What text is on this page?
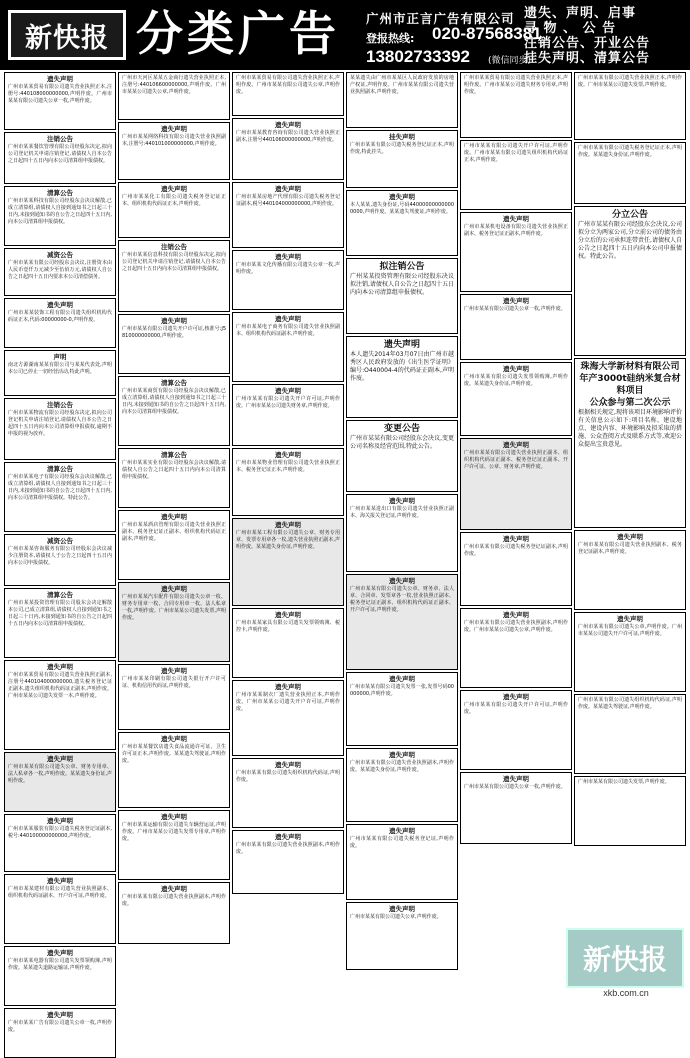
新快报 分类广告 广州市正言广告有限公司
登报热线: 020-87568381
13802733392 (微信同步)
遗失、声明、启事
寻 物 、 公 告
注销公告、开业公告
挂失声明、清算公告
遗失声明
广州市某某贸易有限公司遗失营业执照正本,注册号:440108000000000,声明作废。广州市某某有限公司遗失公章一枚,声明作废。
注销公告
广州市某某餐饮管理有限公司经股东决定,拟向公司登记机关申请注销登记,请债权人自本公告之日起四十五日内向本公司清算组申报债权。
清算公告
广州市某某科技有限公司经股东会决议解散,已成立清算组,请债权人自接到通知书之日起三十日内,未接到通知书的自公告之日起四十五日内,向本公司清算组申报债权。
减资公告
广州市某某有限公司经股东会决议,注册资本由人民币壹仟万元减少至伍佰万元,请债权人自公告之日起四十五日内要求本公司清偿债务。
遗失声明
广州市某某装饰工程有限公司遗失组织机构代码证正本,代码:00000000-0,声明作废。
声明
南北方源湖南某某有限公司与某某代表处,声明本公司已停止一切经营活动,特此声明。
注销公告
广州市某某物流有限公司经股东决定,拟向公司登记机关申请注销登记,请债权人自本公告之日起四十五日内向本公司清算组申报债权,逾期不申报的视为放弃。
清算公告
广州市某某电子有限公司经股东会决议解散,已成立清算组,请债权人自接到通知书之日起三十日内,未接到通知书的自公告之日起四十五日内,向本公司清算组申报债权。特此公告。
减资公告
广州市某某咨询服务有限公司经股东会决议减少注册资本,请债权人于公告之日起四十五日内向本公司申报债权。
清算公告
广州市某某投资管理有限公司股东会决定解散本公司,已成立清算组,请债权人自接到通知书之日起三十日内,未接到通知书的自公告之日起四十五日内向本公司清算组申报债权。
遗失声明
广州市某某贸易有限公司遗失营业执照正副本,注册号440104000000000,遗失税务登记证正副本,遗失组织机构代码证正副本,声明作废。广州市某某公司遗失发票一本,声明作废。
遗失声明
广州市某某有限公司遗失公章、财务专用章、法人私章各一枚,声明作废。某某遗失身份证,声明作废。
遗失声明
广州市某某服装有限公司遗失税务登记证副本,税号:440100000000000,声明作废。
遗失声明
广州市某某建材有限公司遗失营业执照副本、组织机构代码证副本、开户许可证,声明作废。
遗失声明
广州市某某电器有限公司遗失发票领购簿,声明作废。某某遗失道路运输证,声明作废。
遗失声明
广州市某某广告有限公司遗失公章一枚,声明作废。
广州市天河区某某五金商行遗失营业执照正本,注册号:440106600000000,声明作废。广州市某某公司遗失公章,声明作废。
遗失声明
广州市某某网络科技有限公司遗失营业执照副本,注册号:440101000000000,声明作废。
遗失声明
广州市某某化工有限公司遗失税务登记证正本、组织机构代码证正本,声明作废。
注销公告
广州市某某信息科技有限公司经股东决定,拟向公司登记机关申请注销登记,请债权人自本公告之日起四十五日内向本公司清算组申报债权。
遗失声明
广州市某某有限公司遗失开户许可证,核准号:J5810000000000,声明作废。
清算公告
广州市某某商贸有限公司经股东会决议解散,已成立清算组,请债权人自接到通知书之日起三十日内,未接到通知书的自公告之日起四十五日内,向本公司清算组申报债权。
清算公告
广州市某某实业有限公司经股东会决议解散,请债权人自公告之日起四十五日内向本公司清算组申报债权。
遗失声明
广州市某某酒店管理有限公司遗失营业执照正副本、税务登记证正副本、组织机构代码证正副本,声明作废。
遗失声明
广州市某某汽车配件有限公司遗失公章一枚、财务专用章一枚、合同专用章一枚、法人私章一枚,声明作废。广州市某某公司遗失发票,声明作废。
遗失声明
广州市某某印刷有限公司遗失银行开户许可证、机构信用代码证,声明作废。
遗失声明
广州市某某餐饮店遗失食品流通许可证、卫生许可证正本,声明作废。某某遗失驾驶证,声明作废。
遗失声明
广州市某某运输有限公司遗失车辆营运证,声明作废。广州市某某公司遗失发票专用章,声明作废。
遗失声明
广州市某某有限公司遗失营业执照副本,声明作废。
广州市某某贸易有限公司遗失营业执照正本,声明作废。广州市某某有限公司遗失公章,声明作废。
遗失声明
广州市某某教育咨询有限公司遗失营业执照正副本,注册号440106000000000,声明作废。
遗失声明
广州市某某房地产代理有限公司遗失税务登记证副本,税号440104000000000,声明作废。
遗失声明
广州市某某文化传播有限公司遗失公章一枚,声明作废。
遗失声明
广州市某某电子商务有限公司遗失营业执照副本、组织机构代码证副本,声明作废。
遗失声明
广州市某某有限公司遗失开户许可证,声明作废。广州市某某公司遗失财务章,声明作废。
遗失声明
广州市某某物业管理有限公司遗失营业执照正本、税务登记证正本,声明作废。
遗失声明
广州市某某工程有限公司遗失公章、财务专用章、发票专用章各一枚,遗失营业执照正副本,声明作废。某某遗失身份证,声明作废。
遗失声明
广州市某某家具有限公司遗失发票领购簿、税控卡,声明作废。
遗失声明
广州市某某制衣厂遗失营业执照正本,声明作废。广州市某某公司遗失开户许可证,声明作废。
遗失声明
广州市某某有限公司遗失组织机构代码证,声明作废。
遗失声明
广州市某某有限公司遗失营业执照副本,声明作废。
某某遗失由广州市某某区人民政府发放的房地产权证,声明作废。广州市某某有限公司遗失营业执照副本,声明作废。
挂失声明
广州市某某有限公司遗失税务登记证正本,声明作废,特此挂失。
遗失声明
本人某某,遗失身份证,号码440000000000000000,声明作废。某某遗失驾驶证,声明作废。
拟注销公告
广州某某投资管理有限公司经股东决议拟注销,请债权人自公告之日起四十五日内向本公司清算组申报债权。
遗失声明
本人遗失2014年03月07日由广州市越秀区人民政府发放的《出生医学证明》编号:O440004-4的代码证正副本,声明作废。
变更公告
广州市某某有限公司经股东会决议,变更公司名称及经营范围,特此公告。
遗失声明
广州市某某进出口有限公司遗失营业执照正副本、海关报关登记证,声明作废。
遗失声明
广州市某某有限公司遗失公章、财务章、法人章、合同章、发票章各一枚,营业执照正副本、税务登记证正副本、组织机构代码证正副本、开户许可证,声明作废。
遗失声明
广州市某某有限公司遗失发票一张,发票号码00000000,声明作废。
遗失声明
广州市某某有限公司遗失营业执照副本,声明作废。某某遗失身份证,声明作废。
遗失声明
广州市某某有限公司遗失税务登记证,声明作废。
遗失声明
广州市某某有限公司遗失公章,声明作废。
广州市某某贸易有限公司遗失营业执照正本,声明作废。广州市某某公司遗失财务专用章,声明作废。
广州市某某有限公司遗失开户许可证,声明作废。广州市某某有限公司遗失组织机构代码证正本,声明作废。
遗失声明
广州市某某机电设备有限公司遗失营业执照正副本、税务登记证正副本,声明作废。
遗失声明
广州市某某有限公司遗失公章一枚,声明作废。
遗失声明
广州市某某有限公司遗失发票领购簿,声明作废。某某遗失身份证,声明作废。
遗失声明
广州市某某有限公司遗失营业执照正副本、组织机构代码证正副本、税务登记证正副本、开户许可证、公章、财务章,声明作废。
遗失声明
广州市某某有限公司遗失税务登记证副本,声明作废。
遗失声明
广州市某某有限公司遗失营业执照副本,声明作废。广州市某某公司遗失公章,声明作废。
遗失声明
广州市某某有限公司遗失开户许可证,声明作废。
遗失声明
广州市某某有限公司遗失公章一枚,声明作废。
广州市某某有限公司遗失营业执照正本,声明作废。广州市某某公司遗失发票,声明作废。
广州市某某有限公司遗失税务登记证正本,声明作废。某某遗失身份证,声明作废。
分立公告
广州市某某有限公司经股东会决议,公司拟分立为两家公司,分立前公司的债务由分立后的公司承担连带责任,请债权人自公告之日起四十五日内向本公司申报债权。特此公告。
珠海大学新材料有限公司年产3000t硅纳米复合材料项目
公众参与第二次公示
根据相关规定,现将该项目环境影响评价有关信息公示如下:项目名称、建设地点、建设内容、环境影响及拟采取的措施、公众查阅方式及联系方式等,欢迎公众提出宝贵意见。
遗失声明
广州市某某有限公司遗失营业执照副本、税务登记证副本,声明作废。
遗失声明
广州市某某有限公司遗失公章,声明作废。广州市某某公司遗失开户许可证,声明作废。
广州市某某有限公司遗失组织机构代码证,声明作废。某某遗失驾驶证,声明作废。
广州市某某有限公司遗失发票,声明作废。
新快报
xkb.com.cn
